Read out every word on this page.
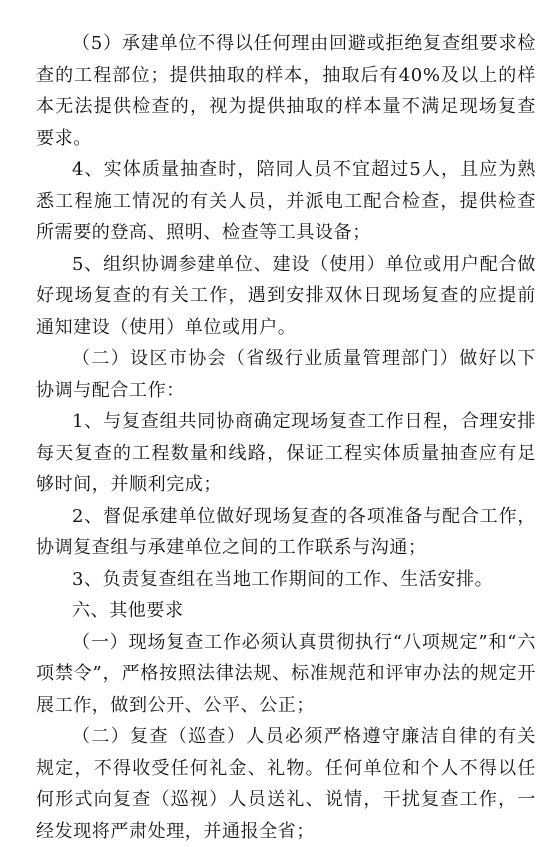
（5）承建单位不得以任何理由回避或拒绝复查组要求检查的工程部位；提供抽取的样本，抽取后有40%及以上的样本无法提供检查的，视为提供抽取的样本量不满足现场复查要求。

4、实体质量抽查时，陪同人员不宜超过5人，且应为熟悉工程施工情况的有关人员，并派电工配合检查，提供检查所需要的登高、照明、检查等工具设备；

5、组织协调参建单位、建设（使用）单位或用户配合做好现场复查的有关工作，遇到安排双休日现场复查的应提前通知建设（使用）单位或用户。

（二）设区市协会（省级行业质量管理部门）做好以下协调与配合工作：

1、与复查组共同协商确定现场复查工作日程，合理安排每天复查的工程数量和线路，保证工程实体质量抽查应有足够时间，并顺利完成；

2、督促承建单位做好现场复查的各项准备与配合工作，协调复查组与承建单位之间的工作联系与沟通；

3、负责复查组在当地工作期间的工作、生活安排。

六、其他要求

（一）现场复查工作必须认真贯彻执行“八项规定”和“六项禁令”，严格按照法律法规、标准规范和评审办法的规定开展工作，做到公开、公平、公正；

（二）复查（巡查）人员必须严格遵守廉洁自律的有关规定，不得收受任何礼金、礼物。任何单位和个人不得以任何形式向复查（巡视）人员送礼、说情，干扰复查工作，一经发现将严肃处理，并通报全省；
